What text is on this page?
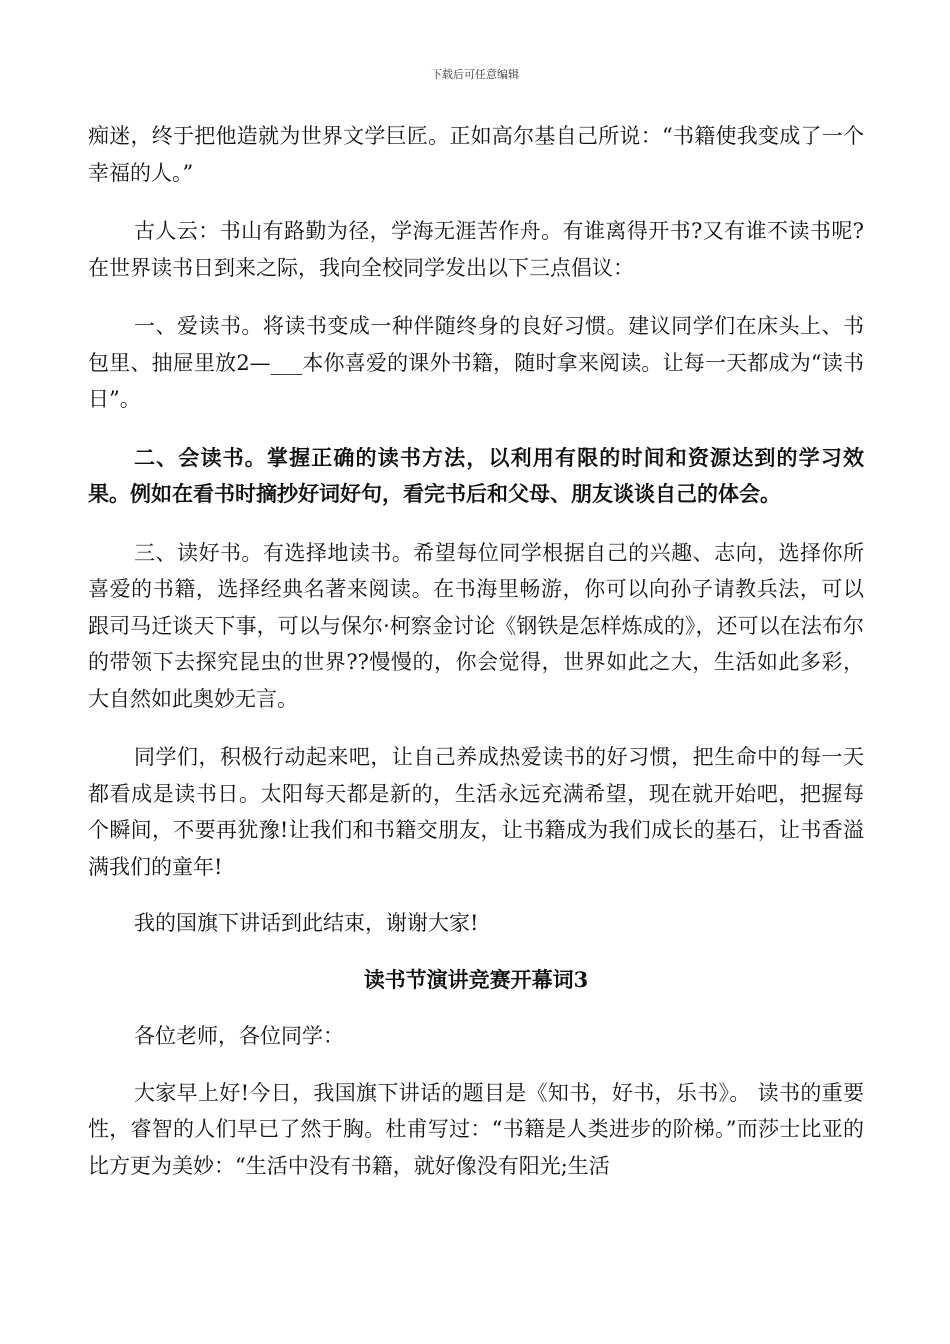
下载后可任意编辑

痴迷，终于把他造就为世界文学巨匠。正如高尔基自己所说：“书籍使我变成了一个幸福的人。”

古人云：书山有路勤为径，学海无涯苦作舟。有谁离得开书?又有谁不读书呢?在世界读书日到来之际，我向全校同学发出以下三点倡议：

一、爱读书。将读书变成一种伴随终身的良好习惯。建议同学们在床头上、书包里、抽屉里放2—___本你喜爱的课外书籍，随时拿来阅读。让每一天都成为“读书日”。

二、会读书。掌握正确的读书方法，以利用有限的时间和资源达到的学习效果。例如在看书时摘抄好词好句，看完书后和父母、朋友谈谈自己的体会。

三、读好书。有选择地读书。希望每位同学根据自己的兴趣、志向，选择你所喜爱的书籍，选择经典名著来阅读。在书海里畅游，你可以向孙子请教兵法，可以跟司马迁谈天下事，可以与保尔·柯察金讨论《钢铁是怎样炼成的》，还可以在法布尔的带领下去探究昆虫的世界??慢慢的，你会觉得，世界如此之大，生活如此多彩，大自然如此奥妙无言。

同学们，积极行动起来吧，让自己养成热爱读书的好习惯，把生命中的每一天都看成是读书日。太阳每天都是新的，生活永远充满希望，现在就开始吧，把握每个瞬间，不要再犹豫!让我们和书籍交朋友，让书籍成为我们成长的基石，让书香溢满我们的童年!

我的国旗下讲话到此结束，谢谢大家!

读书节演讲竞赛开幕词3

各位老师，各位同学：

大家早上好!今日，我国旗下讲话的题目是《知书，好书，乐书》。 读书的重要性，睿智的人们早已了然于胸。杜甫写过：“书籍是人类进步的阶梯。”而莎士比亚的比方更为美妙：“生活中没有书籍，就好像没有阳光;生活
